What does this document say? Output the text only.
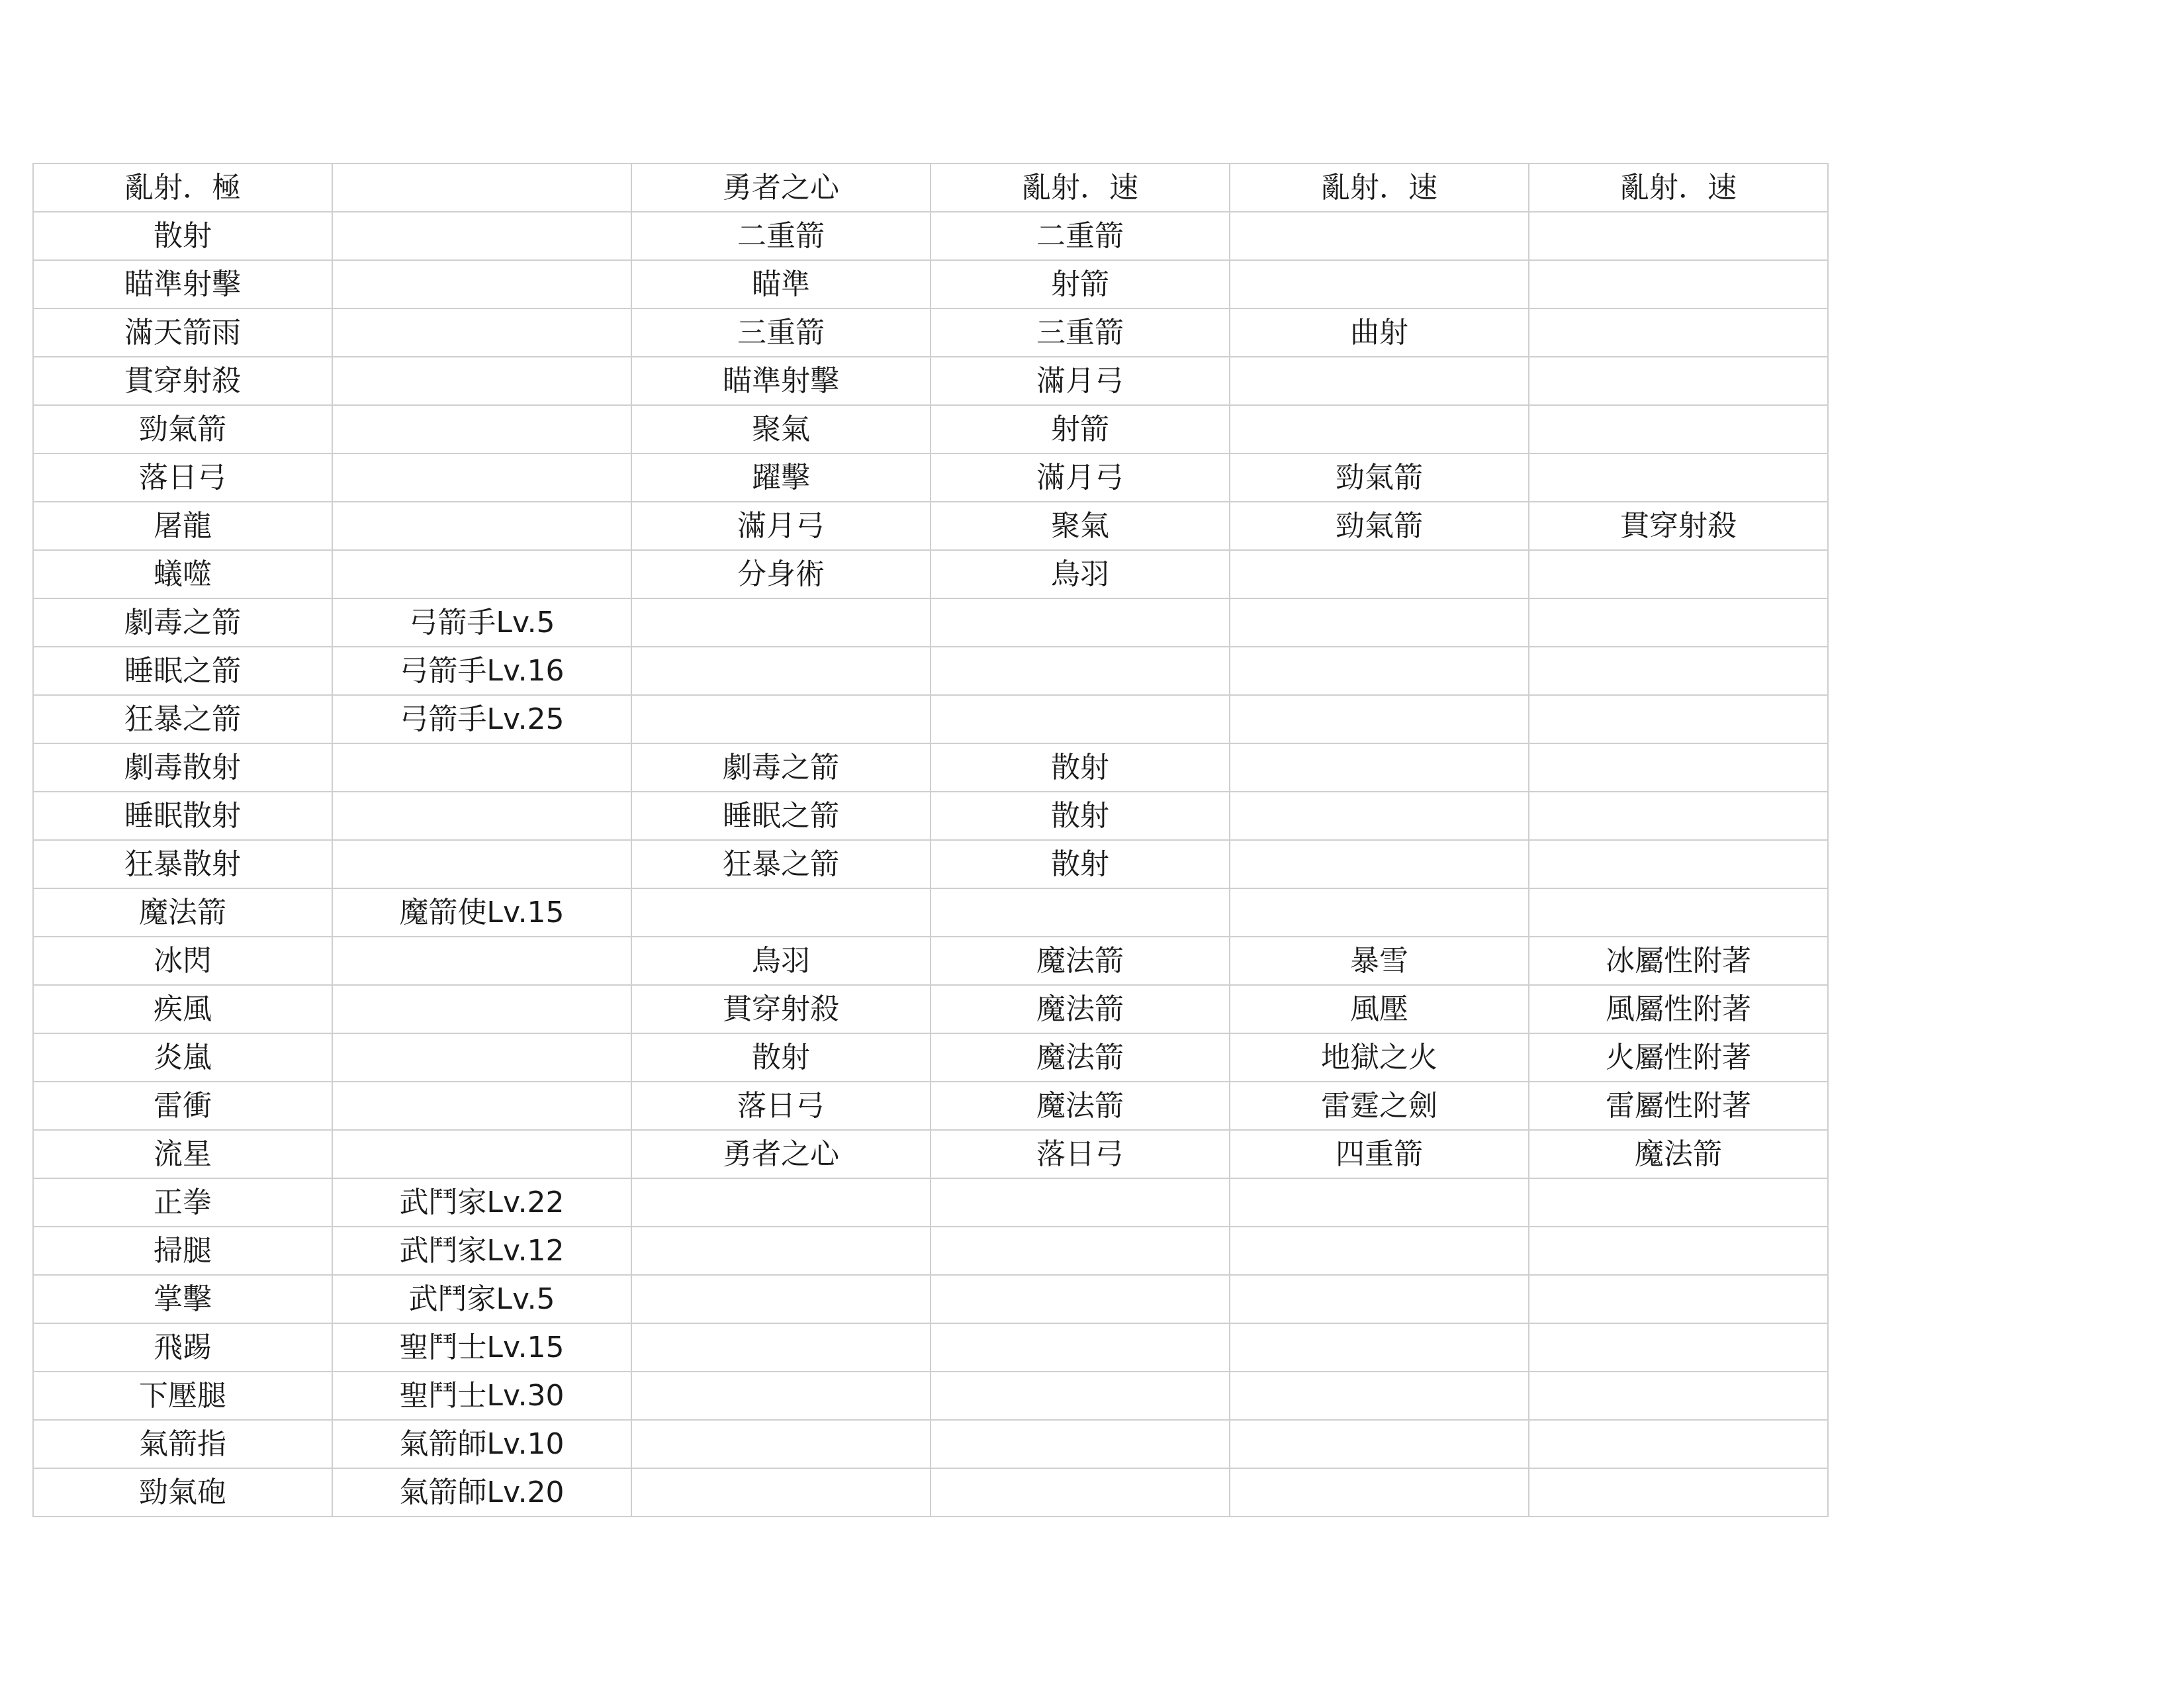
亂射．極		勇者之心	亂射．速	亂射．速	亂射．速
散射		二重箭	二重箭		
瞄準射擊		瞄準	射箭		
滿天箭雨		三重箭	三重箭	曲射	
貫穿射殺		瞄準射擊	滿月弓		
勁氣箭		聚氣	射箭		
落日弓		躍擊	滿月弓	勁氣箭	
屠龍		滿月弓	聚氣	勁氣箭	貫穿射殺
蟻噬		分身術	鳥羽		
劇毒之箭	弓箭手Lv.5				
睡眠之箭	弓箭手Lv.16				
狂暴之箭	弓箭手Lv.25				
劇毒散射		劇毒之箭	散射		
睡眠散射		睡眠之箭	散射		
狂暴散射		狂暴之箭	散射		
魔法箭	魔箭使Lv.15				
冰閃		鳥羽	魔法箭	暴雪	冰屬性附著
疾風		貫穿射殺	魔法箭	風壓	風屬性附著
炎嵐		散射	魔法箭	地獄之火	火屬性附著
雷衝		落日弓	魔法箭	雷霆之劍	雷屬性附著
流星		勇者之心	落日弓	四重箭	魔法箭
正拳	武鬥家Lv.22				
掃腿	武鬥家Lv.12				
掌擊	武鬥家Lv.5				
飛踢	聖鬥士Lv.15				
下壓腿	聖鬥士Lv.30				
氣箭指	氣箭師Lv.10				
勁氣砲	氣箭師Lv.20				
